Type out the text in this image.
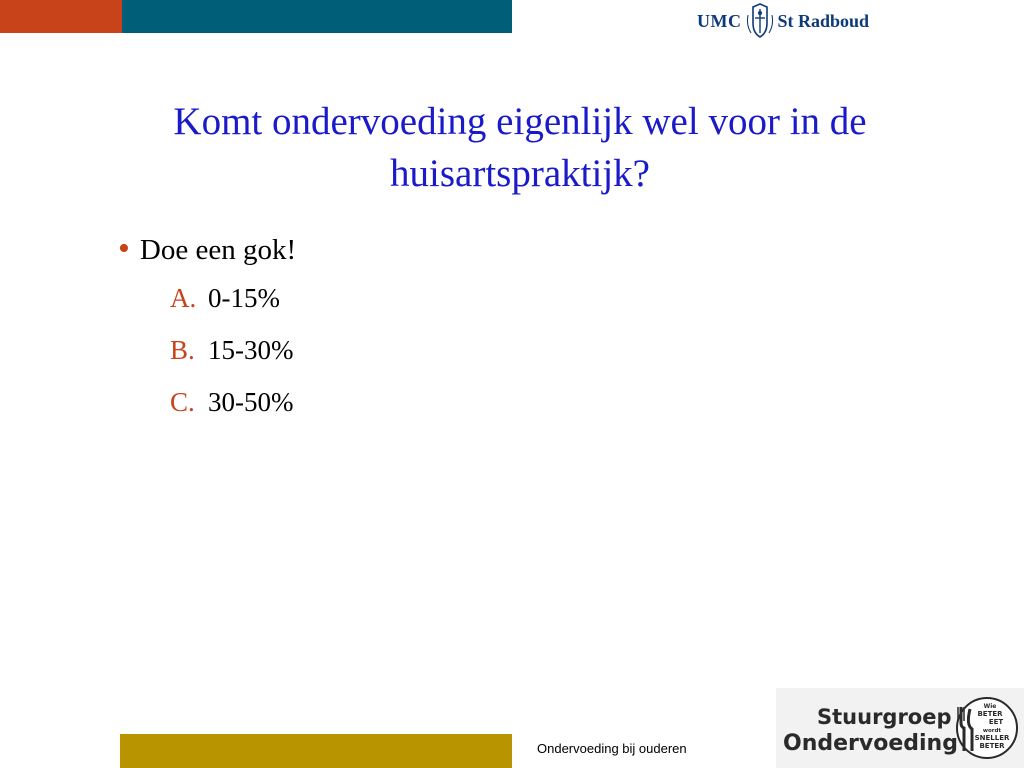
UMC St Radboud
Komt ondervoeding eigenlijk wel voor in de huisartspraktijk?
• Doe een gok!
A. 0-15%
B. 15-30%
C. 30-50%
Ondervoeding bij ouderen
Stuurgroep
Ondervoeding
Wie
BETER
EET
wordt
SNELLER
BETER
